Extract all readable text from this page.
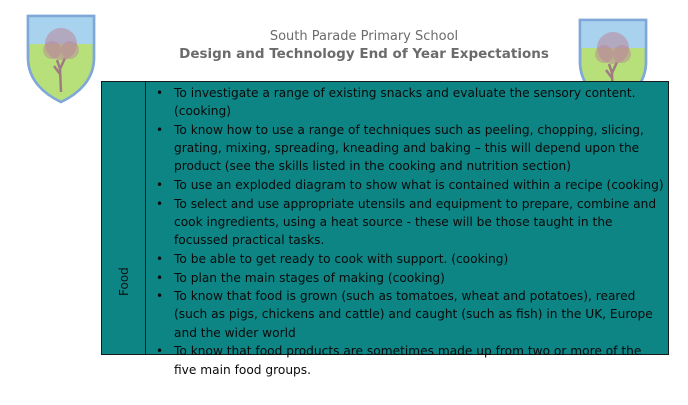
South Parade Primary School
Design and Technology End of Year Expectations
Food
• To investigate a range of existing snacks and evaluate the sensory content. (cooking)
• To know how to use a range of techniques such as peeling, chopping, slicing, grating, mixing, spreading, kneading and baking – this will depend upon the product (see the skills listed in the cooking and nutrition section)
• To use an exploded diagram to show what is contained within a recipe (cooking)
• To select and use appropriate utensils and equipment to prepare, combine and cook ingredients, using a heat source - these will be those taught in the focussed practical tasks.
• To be able to get ready to cook with support. (cooking)
• To plan the main stages of making (cooking)
• To know that food is grown (such as tomatoes, wheat and potatoes), reared (such as pigs, chickens and cattle) and caught (such as fish) in the UK, Europe and the wider world
• To know that food products are sometimes made up from two or more of the five main food groups.
